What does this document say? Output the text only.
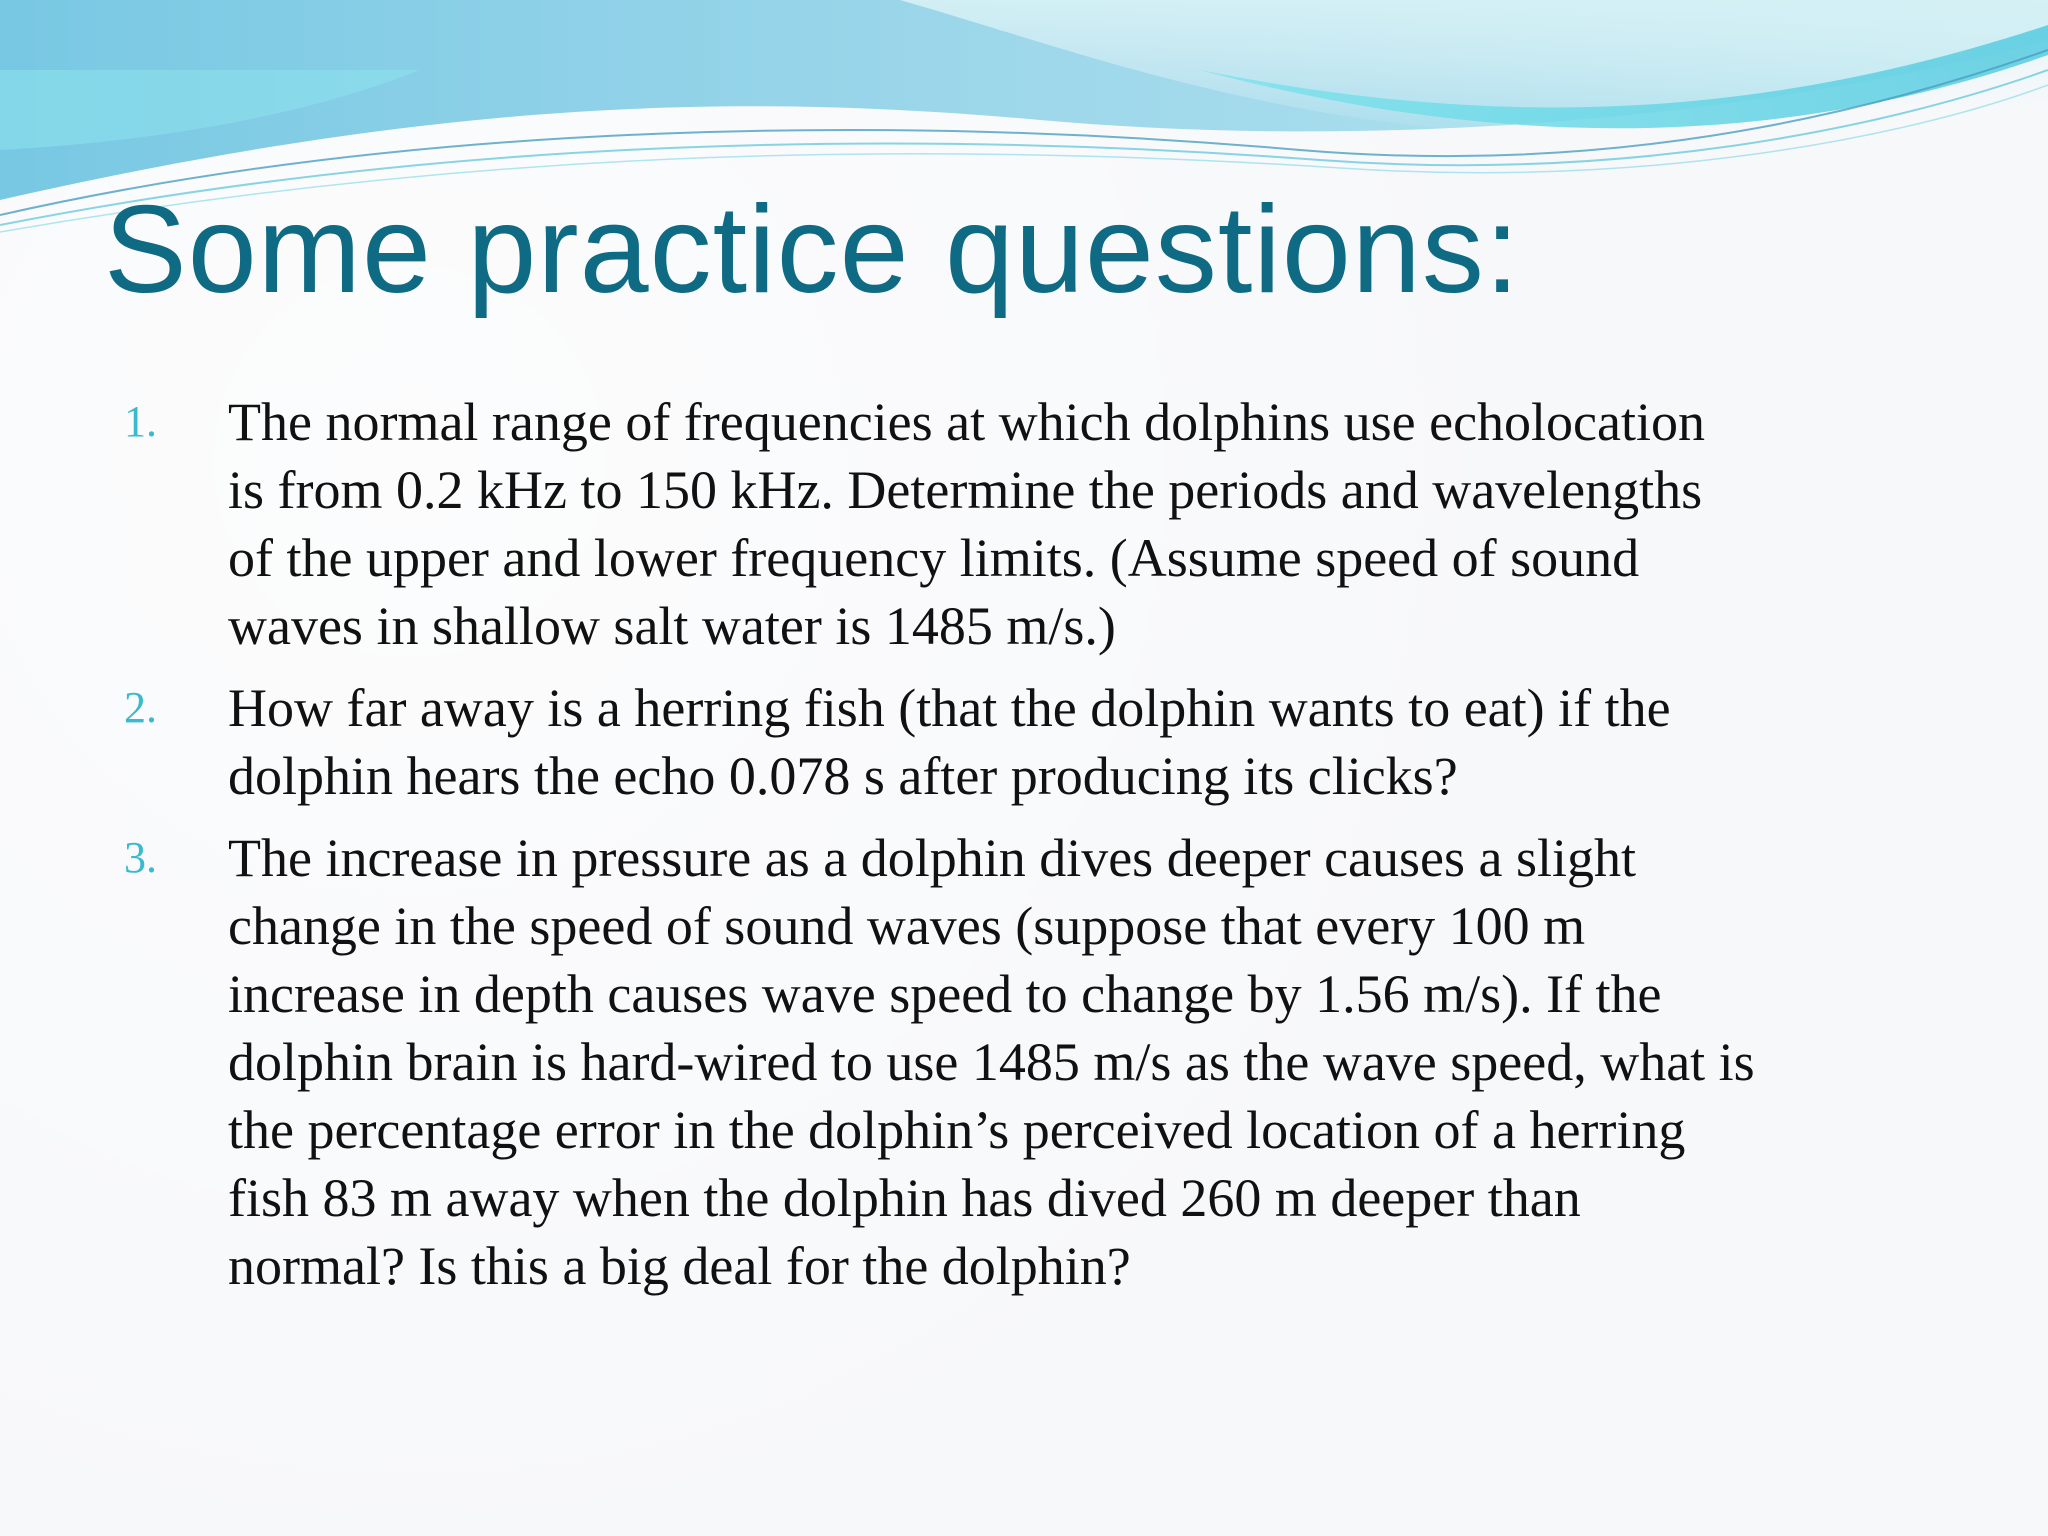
Some practice questions:
1. The normal range of frequencies at which dolphins use echolocation
is from 0.2 kHz to 150 kHz. Determine the periods and wavelengths
of the upper and lower frequency limits. (Assume speed of sound
waves in shallow salt water is 1485 m/s.)
2. How far away is a herring fish (that the dolphin wants to eat) if the
dolphin hears the echo 0.078 s after producing its clicks?
3. The increase in pressure as a dolphin dives deeper causes a slight
change in the speed of sound waves (suppose that every 100 m
increase in depth causes wave speed to change by 1.56 m/s). If the
dolphin brain is hard-wired to use 1485 m/s as the wave speed, what is
the percentage error in the dolphin’s perceived location of a herring
fish 83 m away when the dolphin has dived 260 m deeper than
normal? Is this a big deal for the dolphin?
